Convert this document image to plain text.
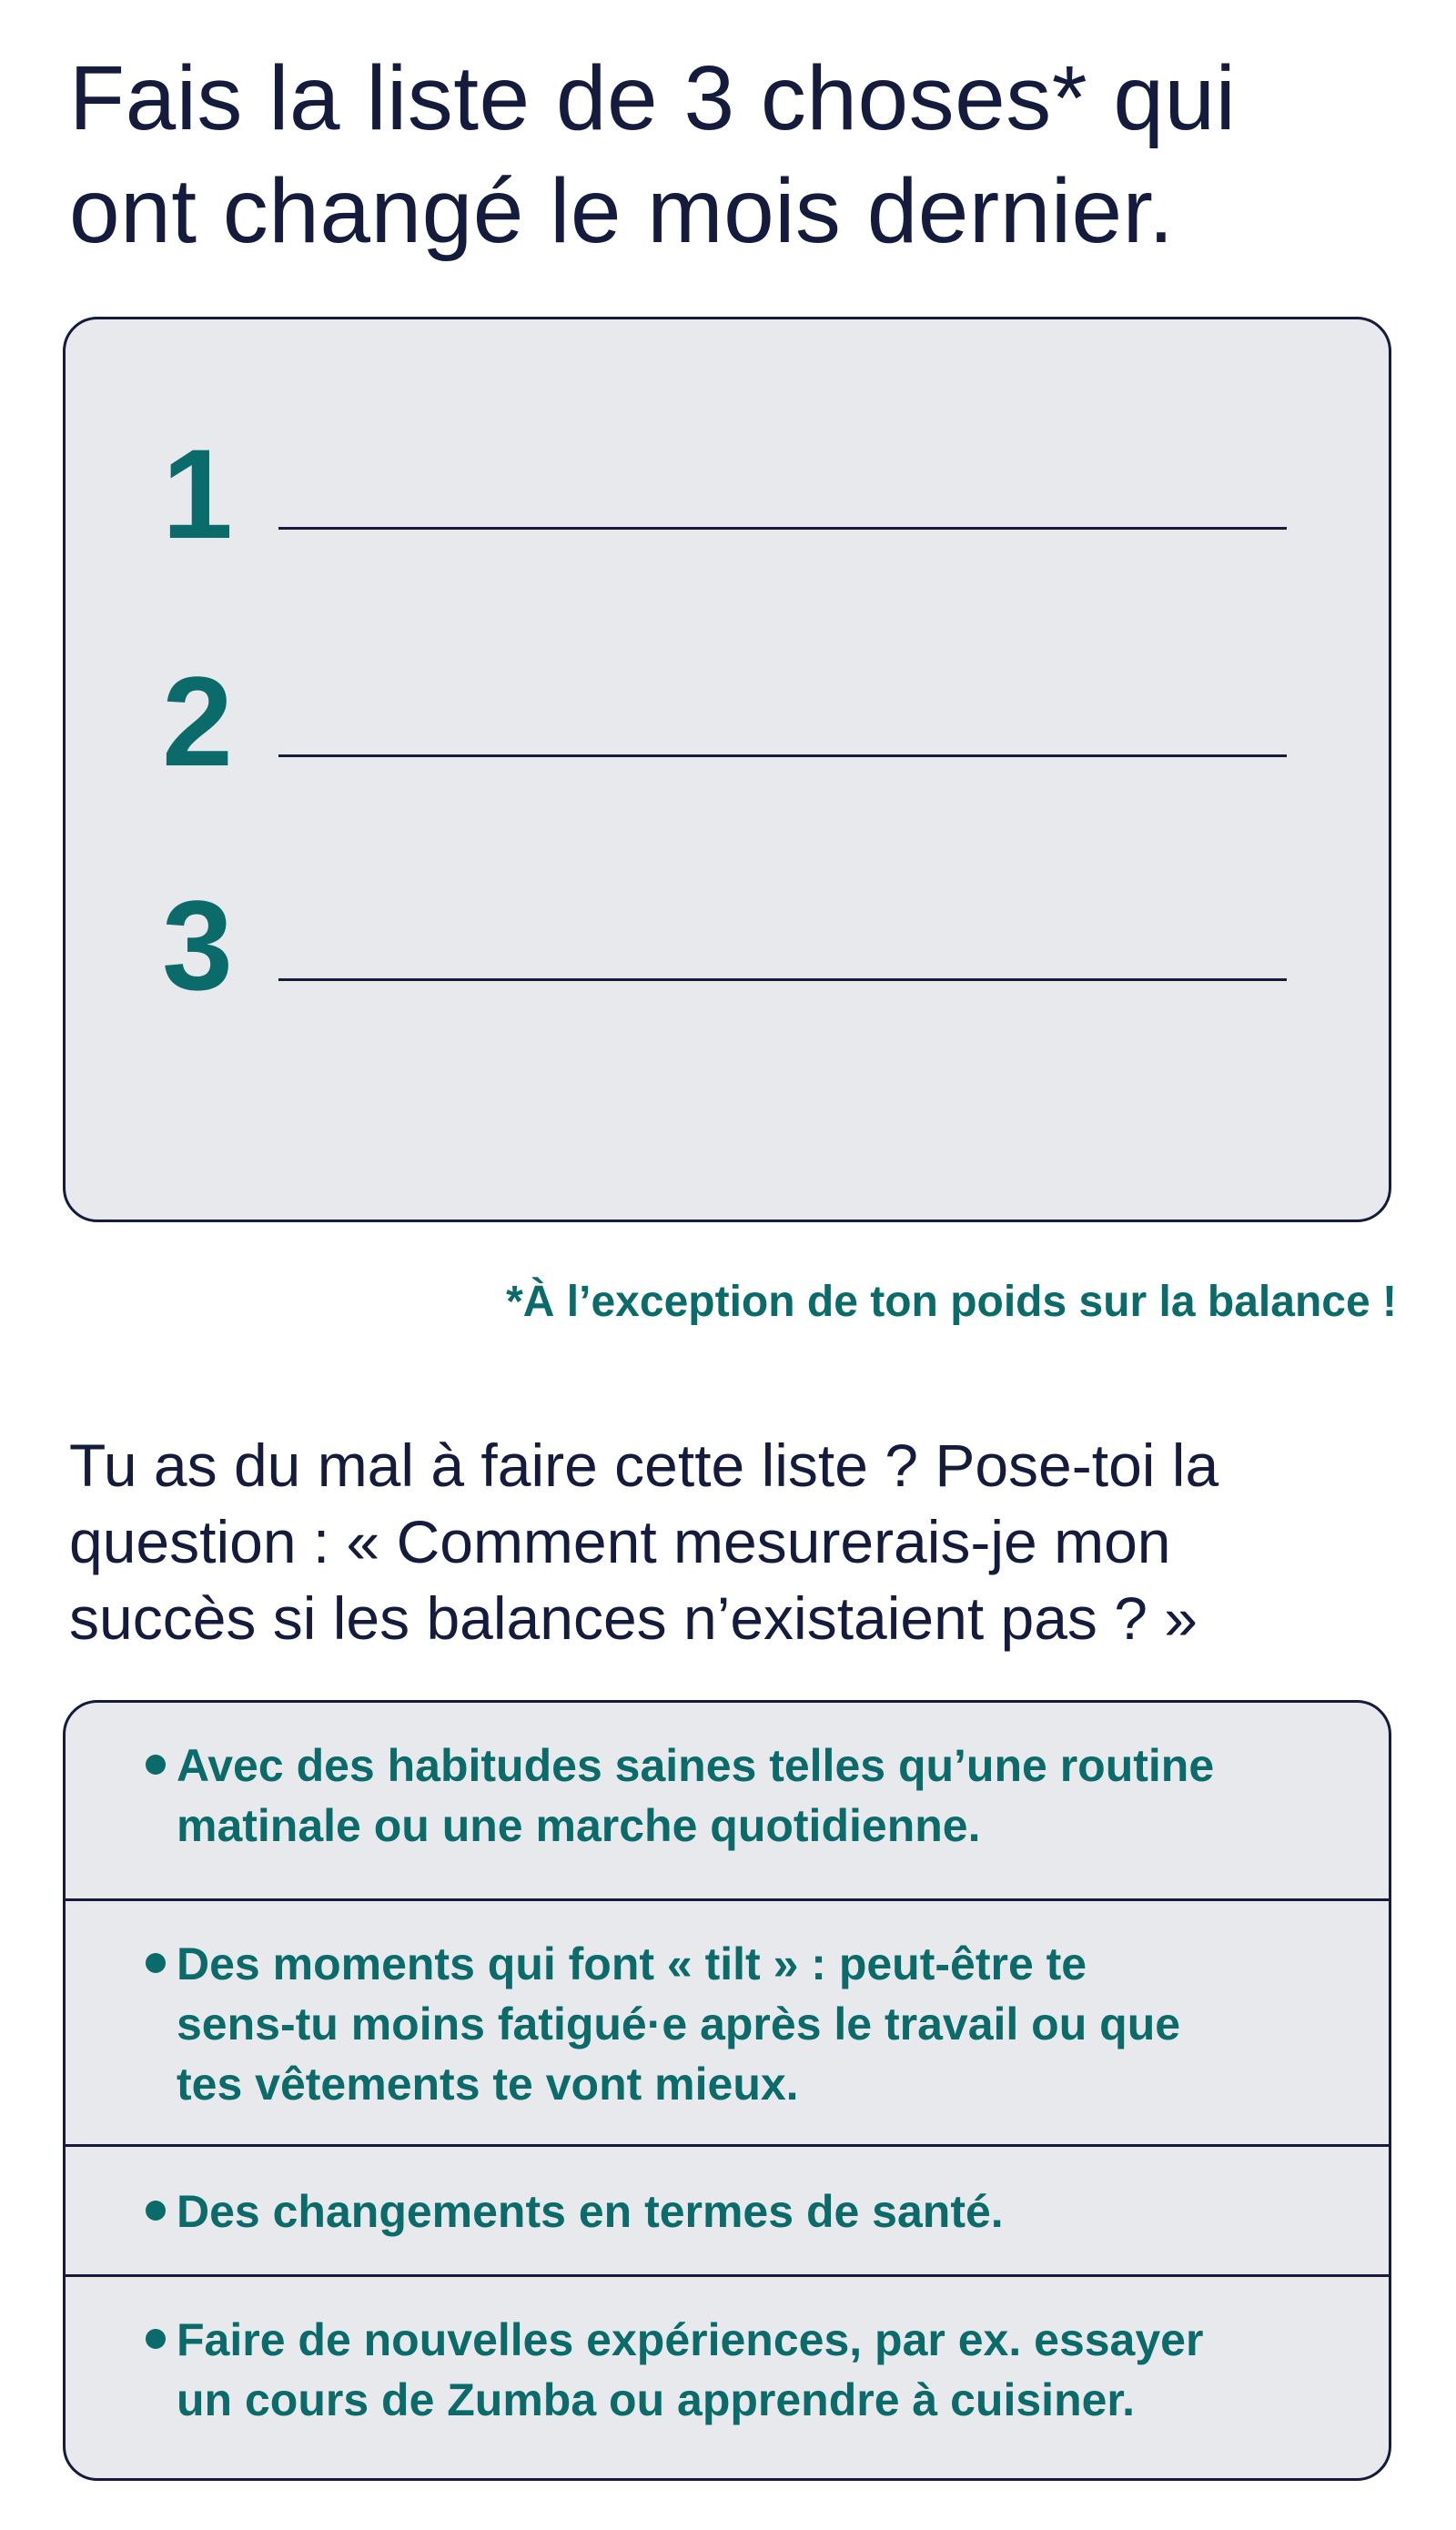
Fais la liste de 3 choses* qui
ont changé le mois dernier.
1
2
3

*À l’exception de ton poids sur la balance !

Tu as du mal à faire cette liste ? Pose-toi la
question : « Comment mesurerais-je mon
succès si les balances n’existaient pas ? »

Avec des habitudes saines telles qu’une routine
matinale ou une marche quotidienne.

Des moments qui font « tilt » : peut-être te
sens-tu moins fatigué·e après le travail ou que
tes vêtements te vont mieux.

Des changements en termes de santé.

Faire de nouvelles expériences, par ex. essayer
un cours de Zumba ou apprendre à cuisiner.
